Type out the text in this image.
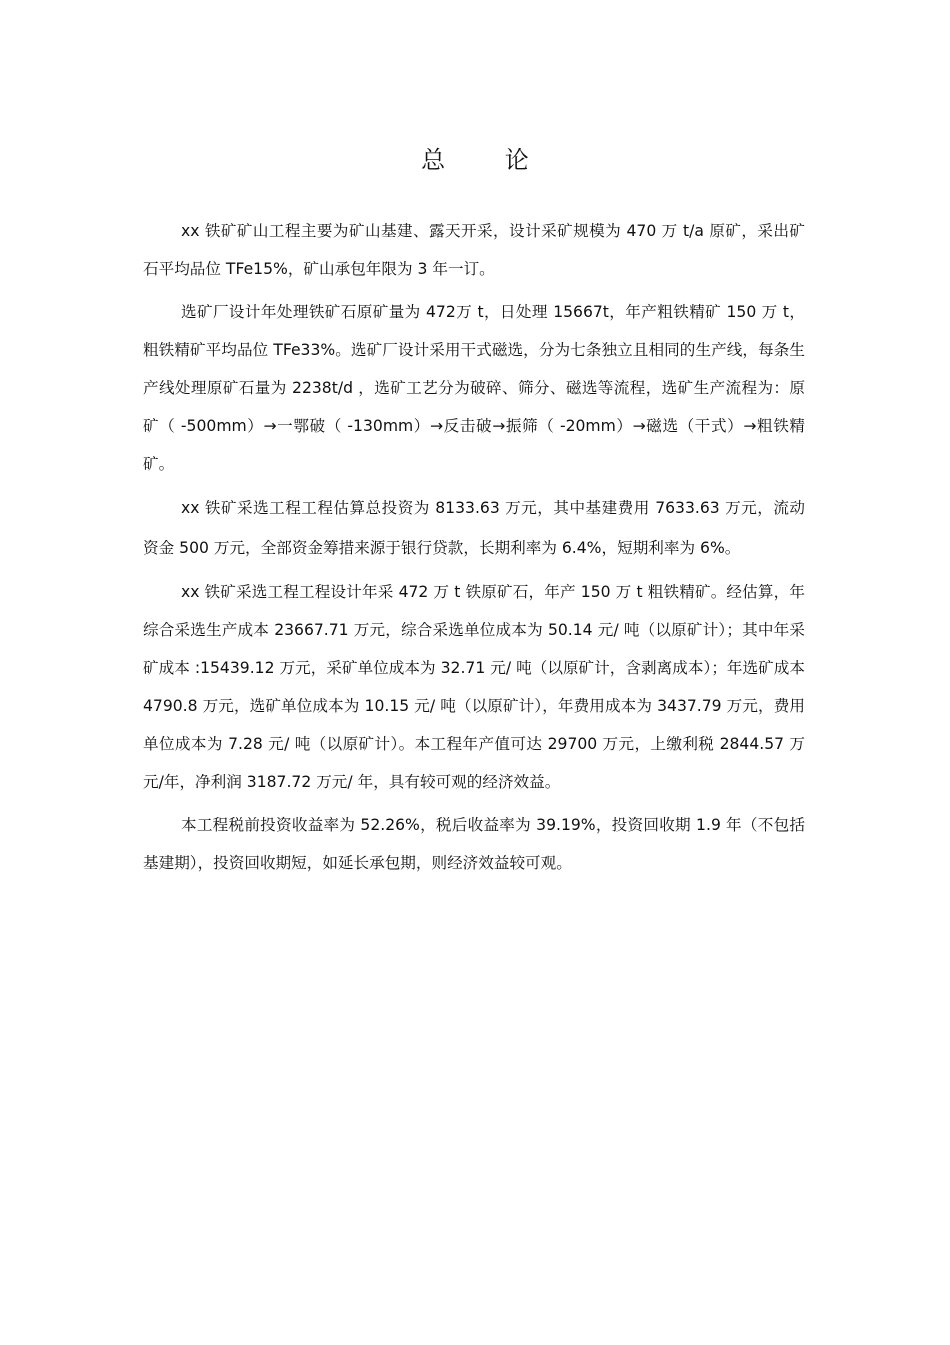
总 论

xx 铁矿矿山工程主要为矿山基建、露天开采，设计采矿规模为 470 万 t/a 原矿，采出矿石平均品位 TFe15%，矿山承包年限为 3 年一订。

选矿厂设计年处理铁矿石原矿量为 472万 t，日处理 15667t，年产粗铁精矿 150 万 t，粗铁精矿平均品位 TFe33%。选矿厂设计采用干式磁选，分为七条独立且相同的生产线，每条生产线处理原矿石量为 2238t/d ，选矿工艺分为破碎、筛分、磁选等流程，选矿生产流程为：原矿（ -500mm）→一鄂破（ -130mm）→反击破→振筛（ -20mm）→磁选（干式）→粗铁精矿。

xx 铁矿采选工程工程估算总投资为 8133.63 万元，其中基建费用 7633.63 万元，流动资金 500 万元，全部资金筹措来源于银行贷款，长期利率为 6.4%，短期利率为 6%。

xx 铁矿采选工程工程设计年采 472 万 t 铁原矿石，年产 150 万 t 粗铁精矿。经估算，年综合采选生产成本 23667.71 万元，综合采选单位成本为 50.14 元/ 吨（以原矿计）；其中年采矿成本 :15439.12 万元，采矿单位成本为 32.71 元/ 吨（以原矿计，含剥离成本）；年选矿成本 4790.8 万元，选矿单位成本为 10.15 元/ 吨（以原矿计），年费用成本为 3437.79 万元，费用单位成本为 7.28 元/ 吨（以原矿计）。本工程年产值可达 29700 万元，上缴利税 2844.57 万元/年，净利润 3187.72 万元/ 年，具有较可观的经济效益。

本工程税前投资收益率为 52.26%，税后收益率为 39.19%，投资回收期 1.9 年（不包括基建期），投资回收期短，如延长承包期，则经济效益较可观。
